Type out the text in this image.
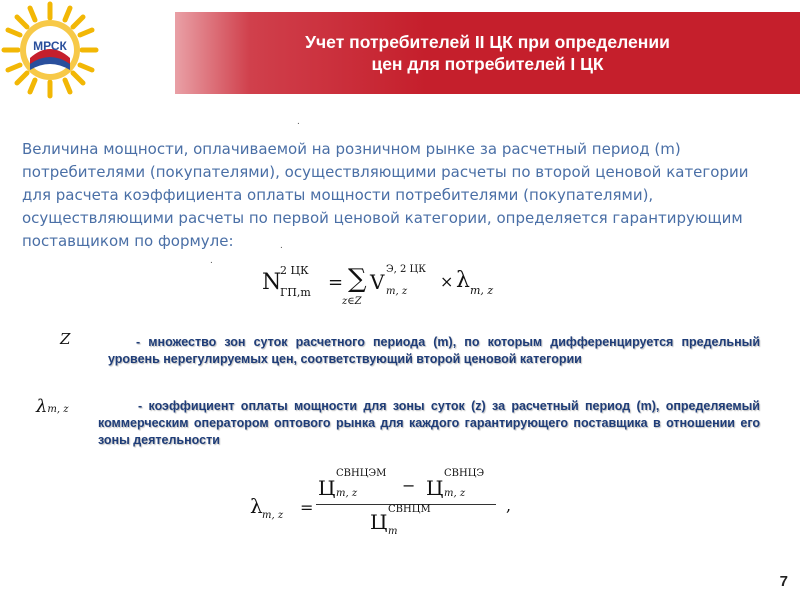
МРСК	Учет потребителей II ЦК при определении
цен для потребителей I ЦК
.
.
.
Величина мощности, оплачиваемой на розничном рынке за расчетный период (m) потребителями (покупателями), осуществляющими расчеты по второй ценовой категории для расчета коэффициента оплаты мощности потребителями (покупателями), осуществляющими расчеты по первой ценовой категории, определяется гарантирующим поставщиком по формуле:
N
2 ЦК
ГП,m = ∑
z∈Z
V
Э, 2 ЦК
m, z
× λ m, z
Z	- множество зон суток расчетного периода (m), по которым дифференцируется предельный уровень нерегулируемых цен, соответствующий второй ценовой категории
λm, z	- коэффициент оплаты мощности для зоны суток (z) за расчетный период (m), определяемый коммерческим оператором оптового рынка для каждого гарантирующего поставщика в отношении его зоны деятельности
λ m, z =
Ц
СВНЦЭМ
m, z	− Ц
СВНЦЭ
m, z
Ц
СВНЦМ
m
,
7
